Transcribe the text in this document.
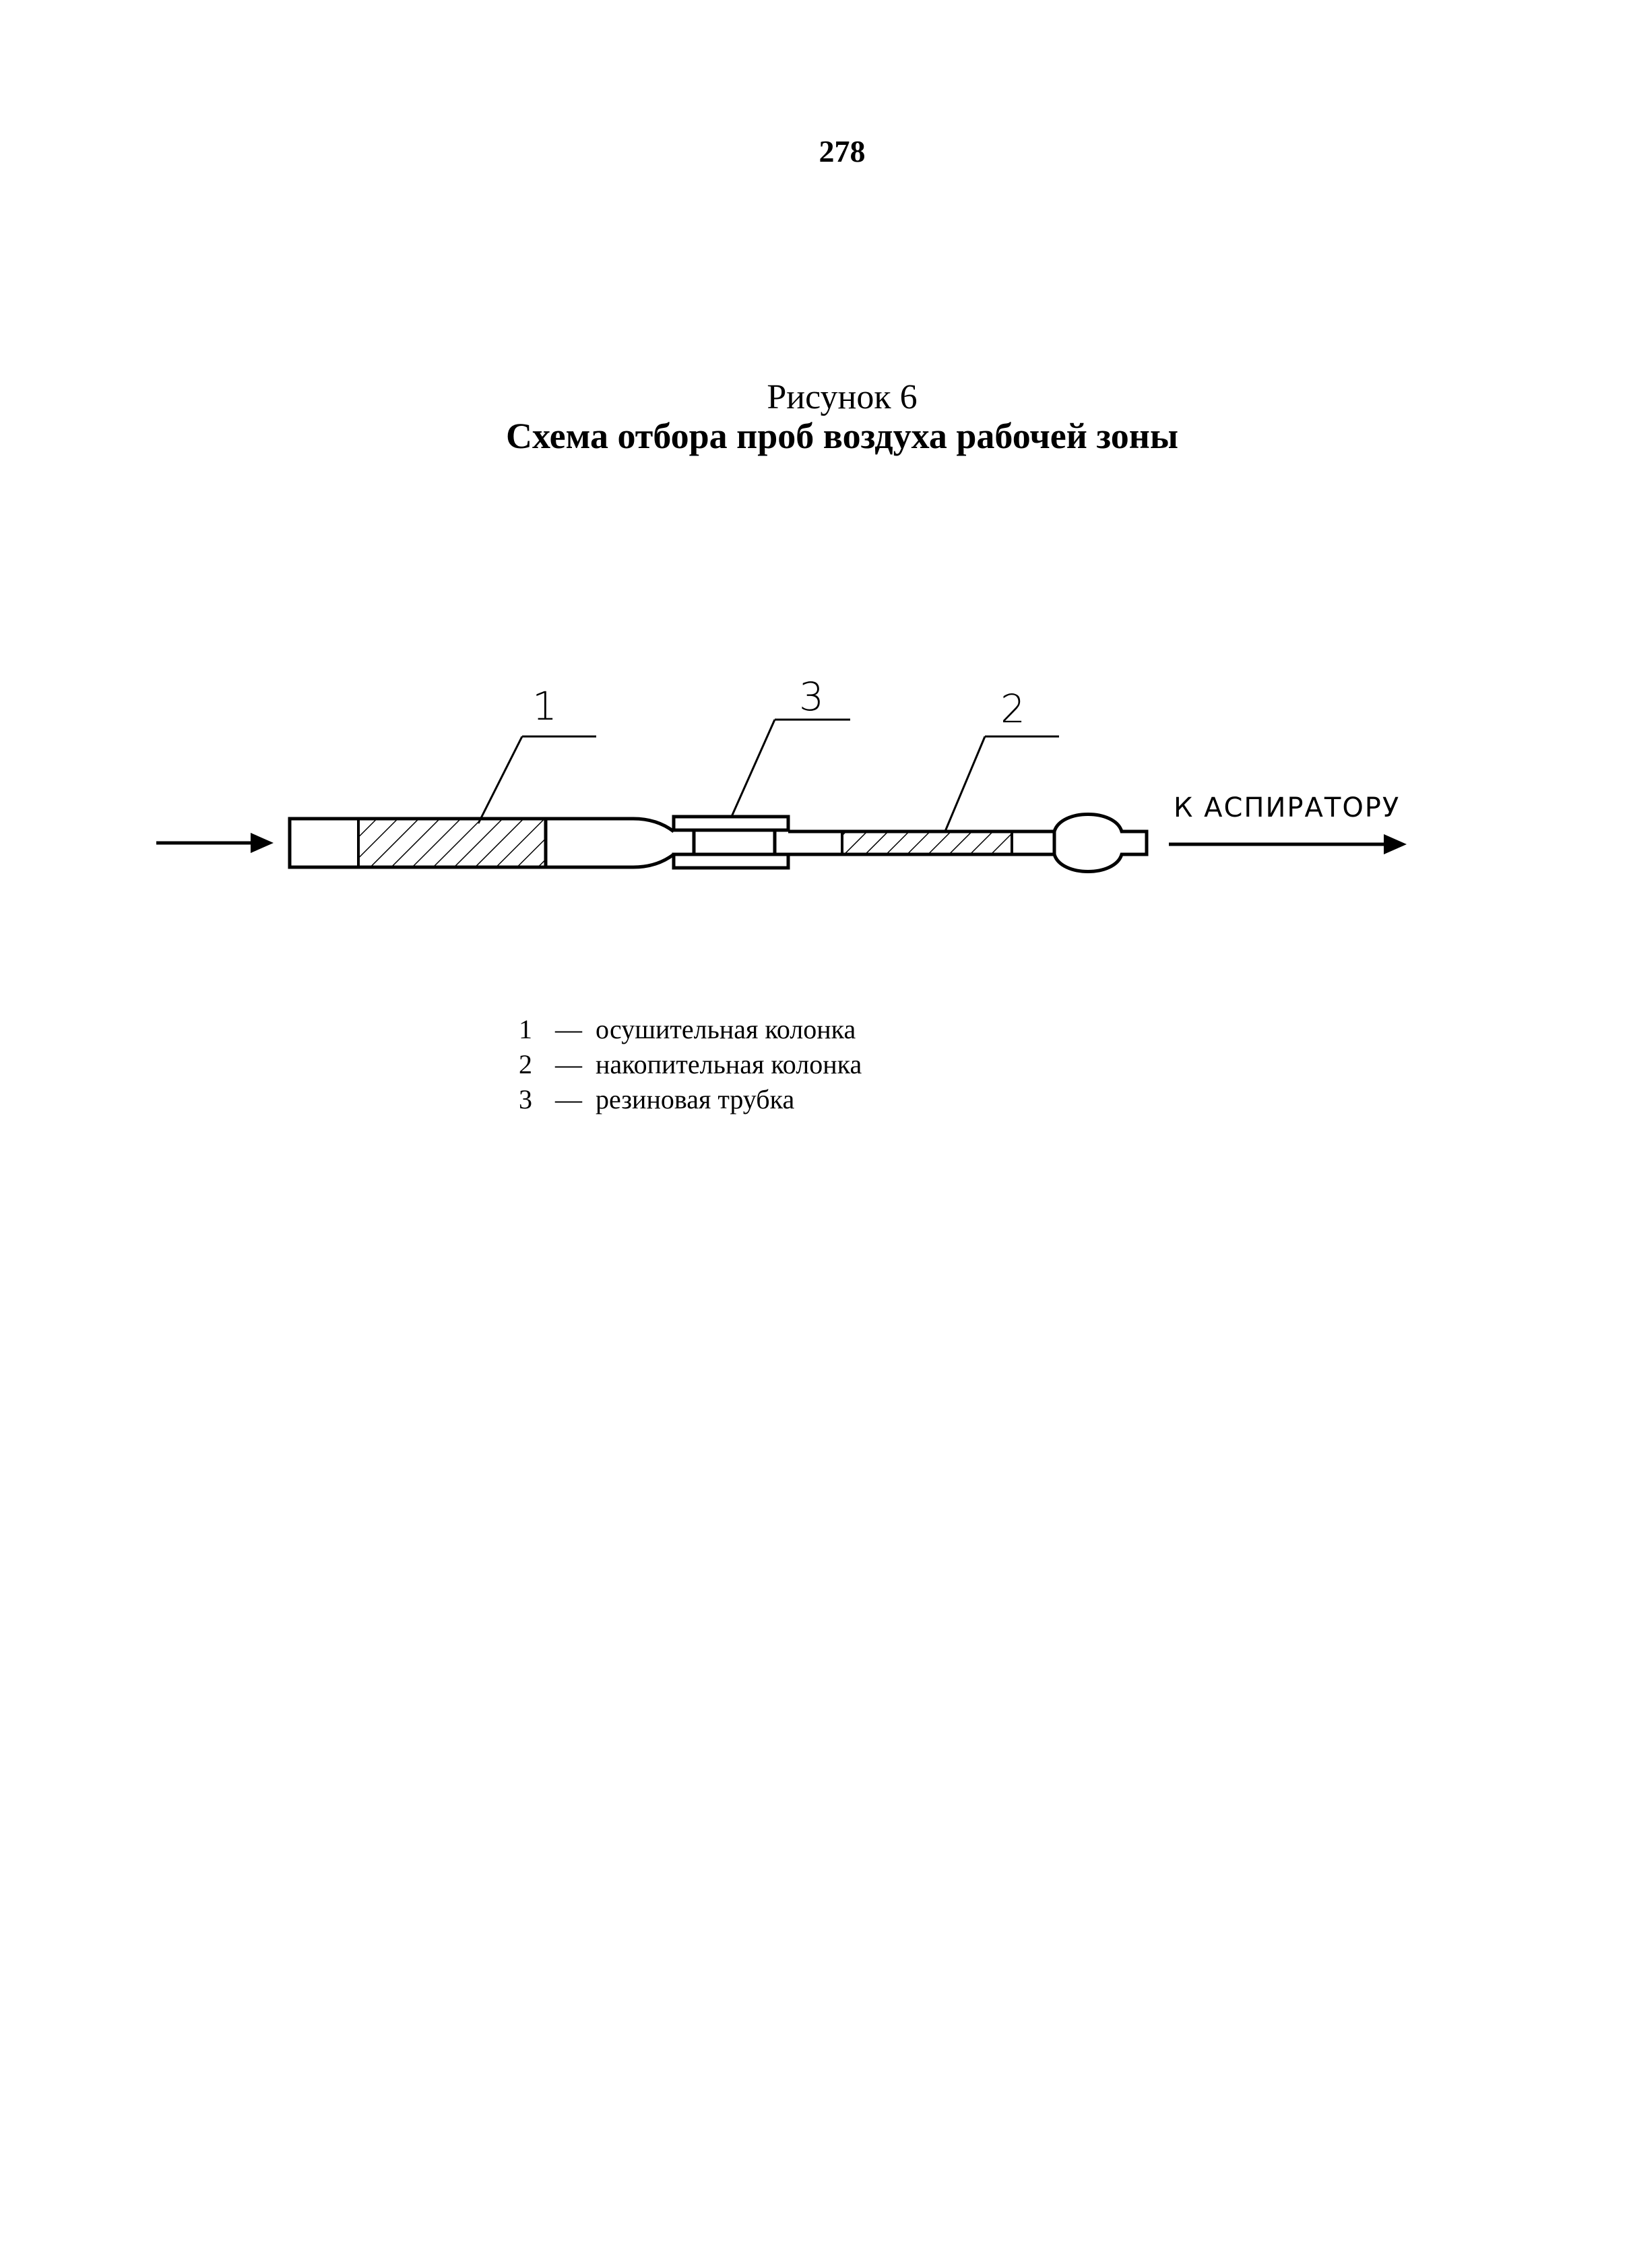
278
Рисунок 6
Схема отбора проб воздуха рабочей зоны
К АСПИРАТОРУ
1	3	2
1 — осушительная колонка
2 — накопительная колонка
3 — резиновая трубка
